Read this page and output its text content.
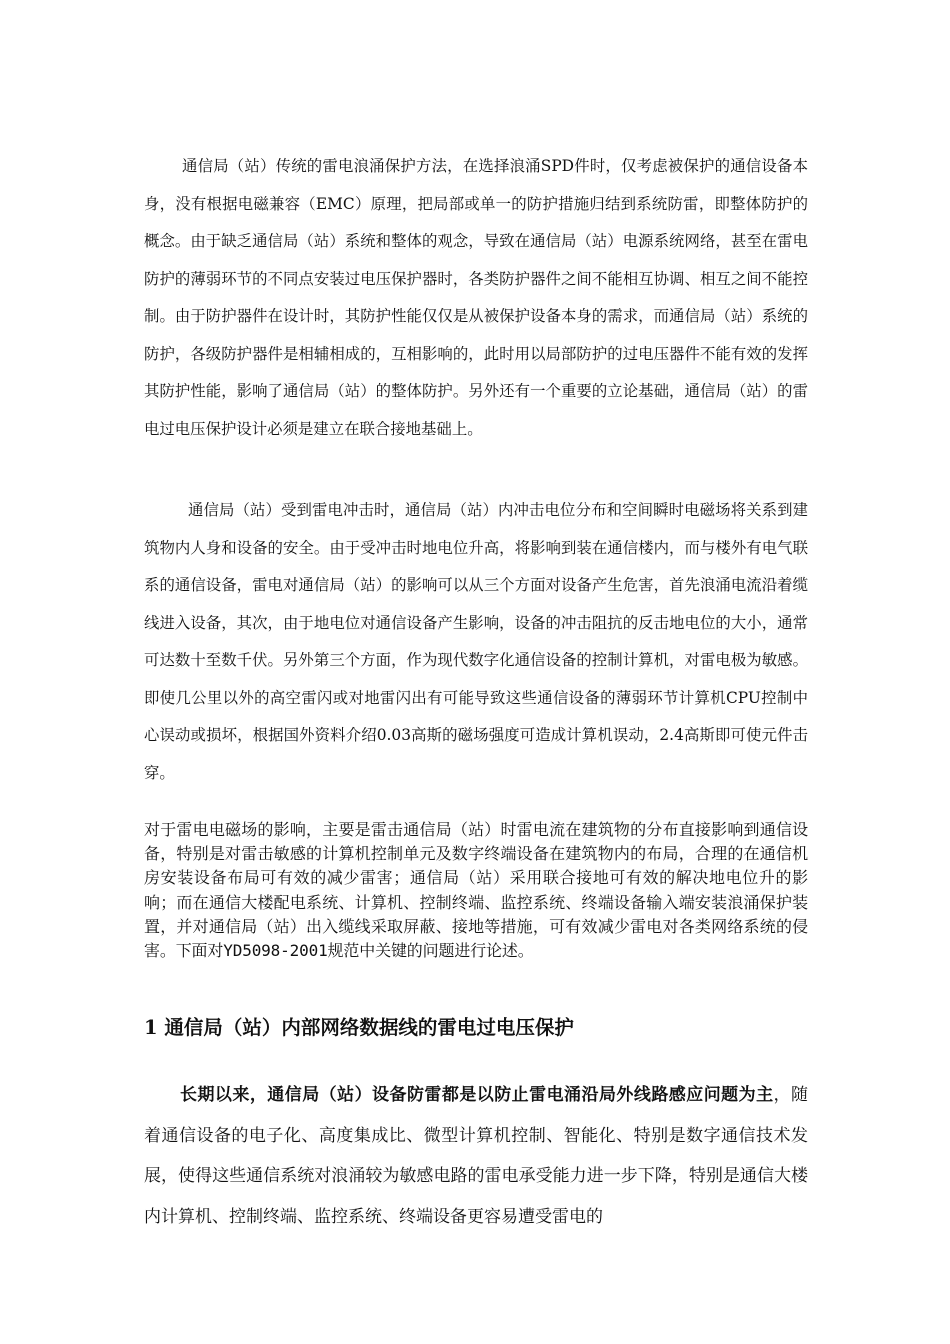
通信局（站）传统的雷电浪涌保护方法，在选择浪涌SPD件时，仅考虑被保护的通信设备本身，没有根据电磁兼容（EMC）原理，把局部或单一的防护措施归结到系统防雷，即整体防护的概念。由于缺乏通信局（站）系统和整体的观念，导致在通信局（站）电源系统网络，甚至在雷电防护的薄弱环节的不同点安装过电压保护器时，各类防护器件之间不能相互协调、相互之间不能控制。由于防护器件在设计时，其防护性能仅仅是从被保护设备本身的需求，而通信局（站）系统的防护，各级防护器件是相辅相成的，互相影响的，此时用以局部防护的过电压器件不能有效的发挥其防护性能，影响了通信局（站）的整体防护。另外还有一个重要的立论基础，通信局（站）的雷电过电压保护设计必须是建立在联合接地基础上。

通信局（站）受到雷电冲击时，通信局（站）内冲击电位分布和空间瞬时电磁场将关系到建筑物内人身和设备的安全。由于受冲击时地电位升高，将影响到装在通信楼内，而与楼外有电气联系的通信设备，雷电对通信局（站）的影响可以从三个方面对设备产生危害，首先浪涌电流沿着缆线进入设备，其次，由于地电位对通信设备产生影响，设备的冲击阻抗的反击地电位的大小，通常可达数十至数千伏。另外第三个方面，作为现代数字化通信设备的控制计算机，对雷电极为敏感。即使几公里以外的高空雷闪或对地雷闪出有可能导致这些通信设备的薄弱环节计算机CPU控制中心误动或损坏，根据国外资料介绍0.03高斯的磁场强度可造成计算机误动，2.4高斯即可使元件击穿。

对于雷电电磁场的影响，主要是雷击通信局（站）时雷电流在建筑物的分布直接影响到通信设备，特别是对雷击敏感的计算机控制单元及数字终端设备在建筑物内的布局，合理的在通信机房安装设备布局可有效的减少雷害；通信局（站）采用联合接地可有效的解决地电位升的影响；而在通信大楼配电系统、计算机、控制终端、监控系统、终端设备输入端安装浪涌保护装置，并对通信局（站）出入缆线采取屏蔽、接地等措施，可有效减少雷电对各类网络系统的侵害。下面对YD5098-2001规范中关键的问题进行论述。

1 通信局（站）内部网络数据线的雷电过电压保护

长期以来，通信局（站）设备防雷都是以防止雷电涌沿局外线路感应问题为主，随着通信设备的电子化、高度集成比、微型计算机控制、智能化、特别是数字通信技术发展，使得这些通信系统对浪涌较为敏感电路的雷电承受能力进一步下降，特别是通信大楼内计算机、控制终端、监控系统、终端设备更容易遭受雷电的
